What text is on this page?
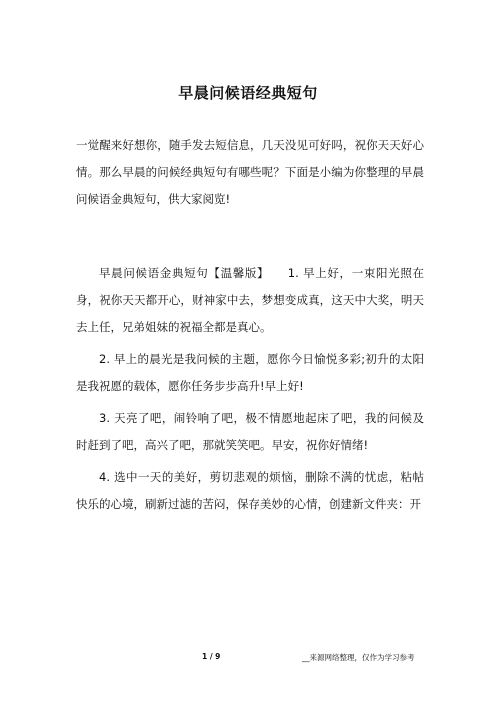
早晨问候语经典短句

一觉醒来好想你，随手发去短信息，几天没见可好吗，祝你天天好心情。那么早晨的问候经典短句有哪些呢？下面是小编为你整理的早晨问候语金典短句，供大家阅览!

早晨问候语金典短句【温馨版】　　1. 早上好，一束阳光照在身，祝你天天都开心，财神家中去，梦想变成真，这天中大奖，明天去上任，兄弟姐妹的祝福全都是真心。

2. 早上的晨光是我问候的主题，愿你今日愉悦多彩;初升的太阳是我祝愿的载体，愿你任务步步高升!早上好!

3. 天亮了吧，闹铃响了吧，极不情愿地起床了吧，我的问候及时赶到了吧，高兴了吧，那就笑笑吧。早安，祝你好情绪!

4. 选中一天的美好，剪切悲观的烦恼，删除不满的忧虑，粘帖快乐的心境，刷新过滤的苦闷，保存美妙的心情，创建新文件夹：开

1 / 9	__来源网络整理，仅作为学习参考
